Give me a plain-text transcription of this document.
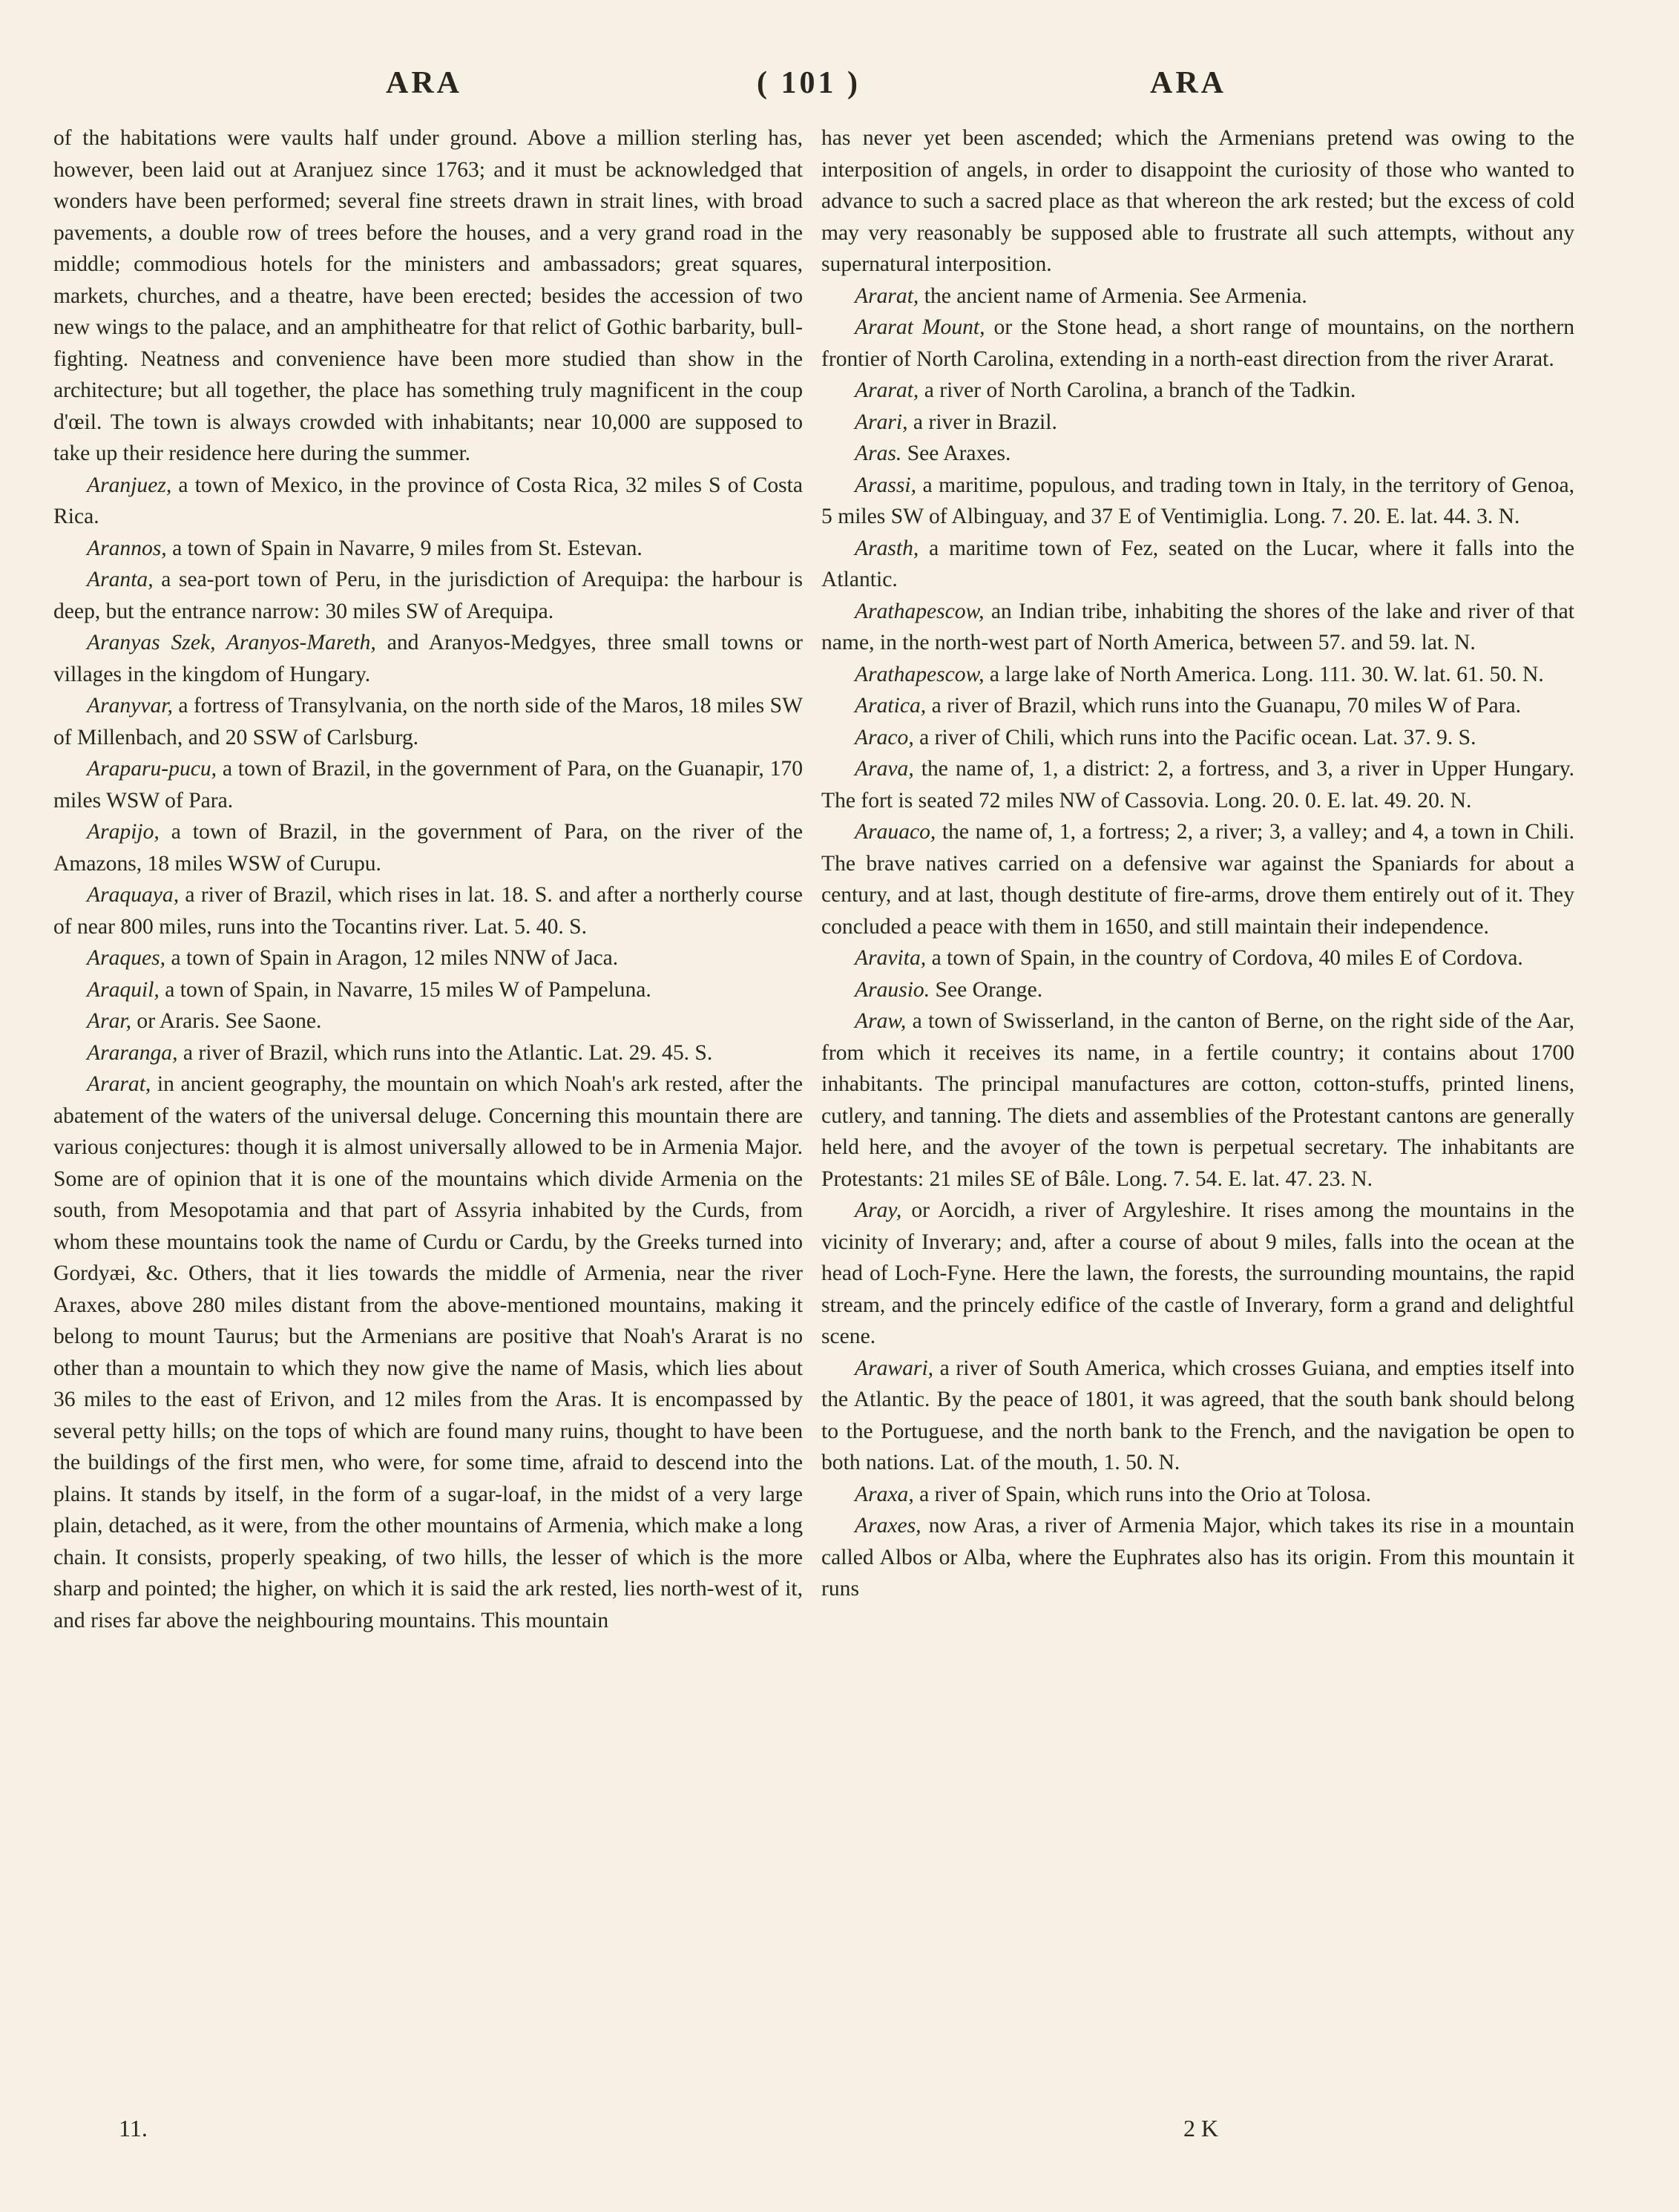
ARA	( 101 )	ARA

of the habitations were vaults half under ground. Above a million sterling has, however, been laid out at Aranjuez since 1763; and it must be acknowledged that wonders have been performed; several fine streets drawn in strait lines, with broad pavements, a double row of trees before the houses, and a very grand road in the middle; commodious hotels for the ministers and ambassadors; great squares, markets, churches, and a theatre, have been erected; besides the accession of two new wings to the palace, and an amphitheatre for that relict of Gothic barbarity, bull-fighting. Neatness and convenience have been more studied than show in the architecture; but all together, the place has something truly magnificent in the coup d'œil. The town is always crowded with inhabitants; near 10,000 are supposed to take up their residence here during the summer.

Aranjuez, a town of Mexico, in the province of Costa Rica, 32 miles S of Costa Rica.

Arannos, a town of Spain in Navarre, 9 miles from St. Estevan.

Aranta, a sea-port town of Peru, in the jurisdiction of Arequipa: the harbour is deep, but the entrance narrow: 30 miles SW of Arequipa.

Aranyas Szek, Aranyos-Mareth, and Aranyos-Medgyes, three small towns or villages in the kingdom of Hungary.

Aranyvar, a fortress of Transylvania, on the north side of the Maros, 18 miles SW of Millenbach, and 20 SSW of Carlsburg.

Araparu-pucu, a town of Brazil, in the government of Para, on the Guanapir, 170 miles WSW of Para.

Arapijo, a town of Brazil, in the government of Para, on the river of the Amazons, 18 miles WSW of Curupu.

Araquaya, a river of Brazil, which rises in lat. 18. S. and after a northerly course of near 800 miles, runs into the Tocantins river. Lat. 5. 40. S.

Araques, a town of Spain in Aragon, 12 miles NNW of Jaca.

Araquil, a town of Spain, in Navarre, 15 miles W of Pampeluna.

Arar, or Araris. See Saone.

Araranga, a river of Brazil, which runs into the Atlantic. Lat. 29. 45. S.

Ararat, in ancient geography, the mountain on which Noah's ark rested, after the abatement of the waters of the universal deluge. Concerning this mountain there are various conjectures: though it is almost universally allowed to be in Armenia Major. Some are of opinion that it is one of the mountains which divide Armenia on the south, from Mesopotamia and that part of Assyria inhabited by the Curds, from whom these mountains took the name of Curdu or Cardu, by the Greeks turned into Gordyæi, &c. Others, that it lies towards the middle of Armenia, near the river Araxes, above 280 miles distant from the above-mentioned mountains, making it belong to mount Taurus; but the Armenians are positive that Noah's Ararat is no other than a mountain to which they now give the name of Masis, which lies about 36 miles to the east of Erivon, and 12 miles from the Aras. It is encompassed by several petty hills; on the tops of which are found many ruins, thought to have been the buildings of the first men, who were, for some time, afraid to descend into the plains. It stands by itself, in the form of a sugar-loaf, in the midst of a very large plain, detached, as it were, from the other mountains of Armenia, which make a long chain. It consists, properly speaking, of two hills, the lesser of which is the more sharp and pointed; the higher, on which it is said the ark rested, lies north-west of it, and rises far above the neighbouring mountains. This mountain

has never yet been ascended; which the Armenians pretend was owing to the interposition of angels, in order to disappoint the curiosity of those who wanted to advance to such a sacred place as that whereon the ark rested; but the excess of cold may very reasonably be supposed able to frustrate all such attempts, without any supernatural interposition.

Ararat, the ancient name of Armenia. See Armenia.

Ararat Mount, or the Stone head, a short range of mountains, on the northern frontier of North Carolina, extending in a north-east direction from the river Ararat.

Ararat, a river of North Carolina, a branch of the Tadkin.

Arari, a river in Brazil.

Aras. See Araxes.

Arassi, a maritime, populous, and trading town in Italy, in the territory of Genoa, 5 miles SW of Albinguay, and 37 E of Ventimiglia. Long. 7. 20. E. lat. 44. 3. N.

Arasth, a maritime town of Fez, seated on the Lucar, where it falls into the Atlantic.

Arathapescow, an Indian tribe, inhabiting the shores of the lake and river of that name, in the north-west part of North America, between 57. and 59. lat. N.

Arathapescow, a large lake of North America. Long. 111. 30. W. lat. 61. 50. N.

Aratica, a river of Brazil, which runs into the Guanapu, 70 miles W of Para.

Araco, a river of Chili, which runs into the Pacific ocean. Lat. 37. 9. S.

Arava, the name of, 1, a district: 2, a fortress, and 3, a river in Upper Hungary. The fort is seated 72 miles NW of Cassovia. Long. 20. 0. E. lat. 49. 20. N.

Arauaco, the name of, 1, a fortress; 2, a river; 3, a valley; and 4, a town in Chili. The brave natives carried on a defensive war against the Spaniards for about a century, and at last, though destitute of fire-arms, drove them entirely out of it. They concluded a peace with them in 1650, and still maintain their independence.

Aravita, a town of Spain, in the country of Cordova, 40 miles E of Cordova.

Arausio. See Orange.

Araw, a town of Swisserland, in the canton of Berne, on the right side of the Aar, from which it receives its name, in a fertile country; it contains about 1700 inhabitants. The principal manufactures are cotton, cotton-stuffs, printed linens, cutlery, and tanning. The diets and assemblies of the Protestant cantons are generally held here, and the avoyer of the town is perpetual secretary. The inhabitants are Protestants: 21 miles SE of Bâle. Long. 7. 54. E. lat. 47. 23. N.

Aray, or Aorcidh, a river of Argyleshire. It rises among the mountains in the vicinity of Inverary; and, after a course of about 9 miles, falls into the ocean at the head of Loch-Fyne. Here the lawn, the forests, the surrounding mountains, the rapid stream, and the princely edifice of the castle of Inverary, form a grand and delightful scene.

Arawari, a river of South America, which crosses Guiana, and empties itself into the Atlantic. By the peace of 1801, it was agreed, that the south bank should belong to the Portuguese, and the north bank to the French, and the navigation be open to both nations. Lat. of the mouth, 1. 50. N.

Araxa, a river of Spain, which runs into the Orio at Tolosa.

Araxes, now Aras, a river of Armenia Major, which takes its rise in a mountain called Albos or Alba, where the Euphrates also has its origin. From this mountain it runs

11.	2 K
